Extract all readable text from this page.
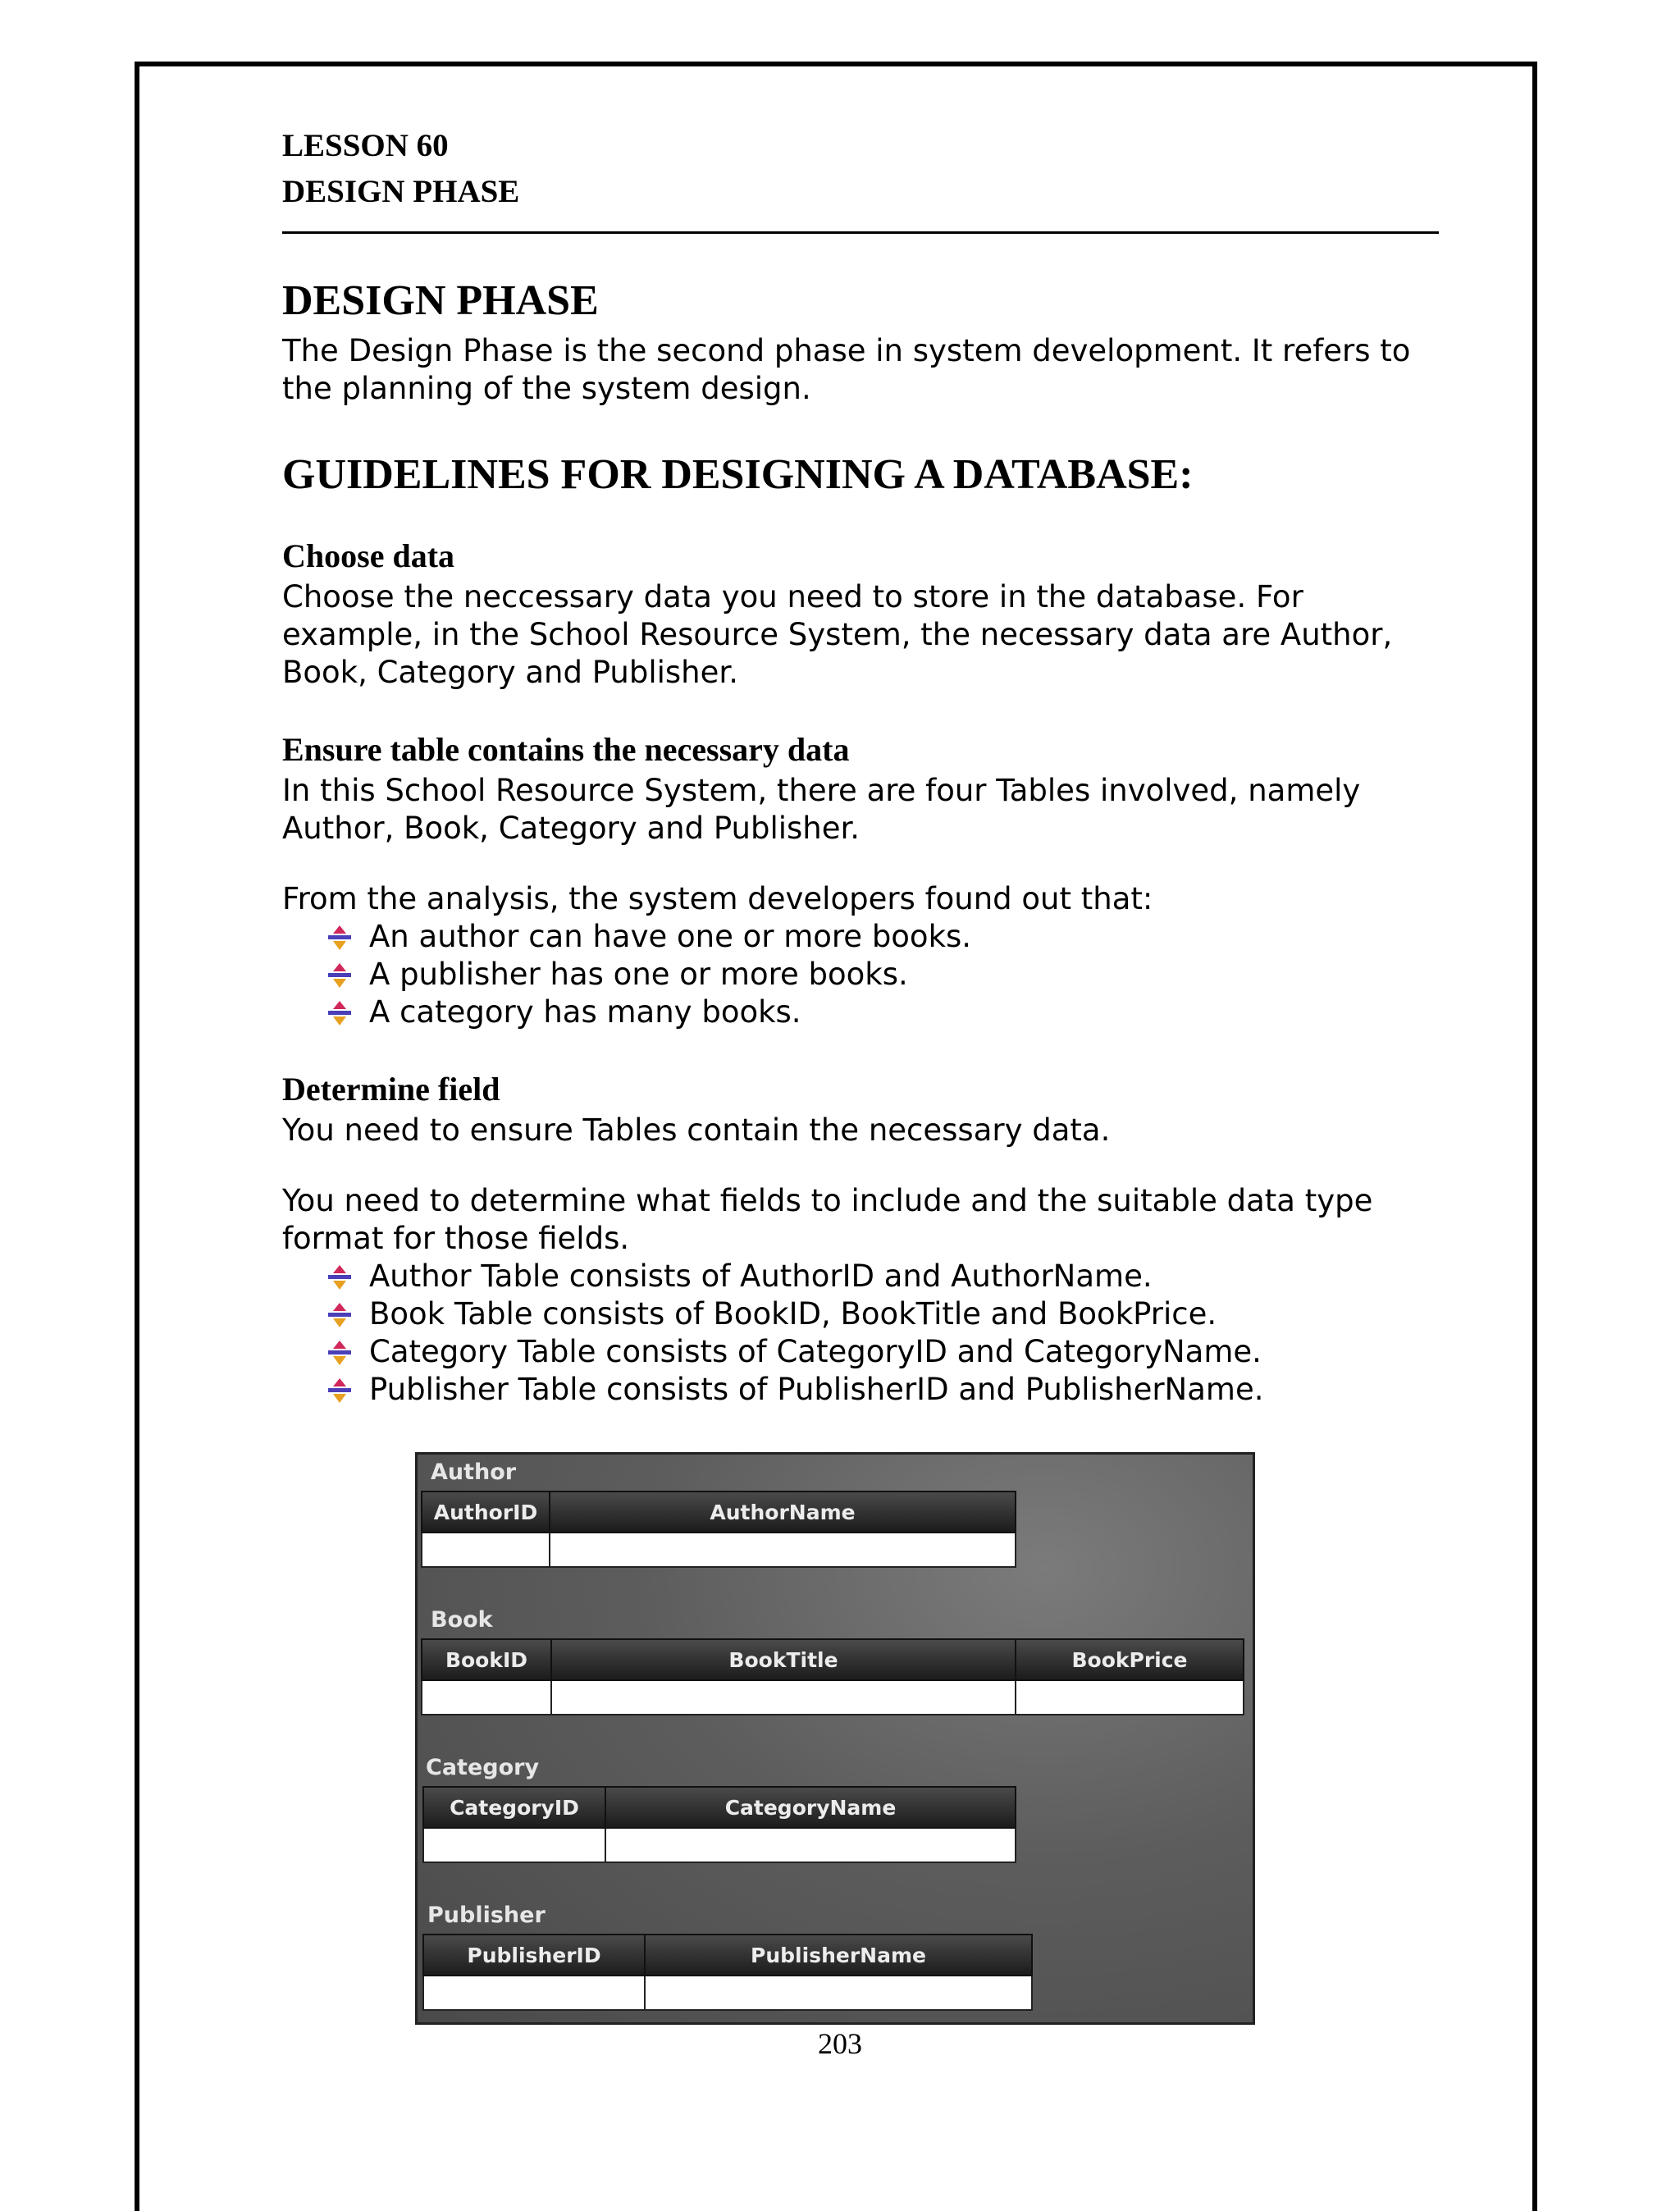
LESSON 60
DESIGN PHASE
DESIGN PHASE

The Design Phase is the second phase in system development. It refers to the planning of the system design.

GUIDELINES FOR DESIGNING A DATABASE:
Choose data

Choose the neccessary data you need to store in the database. For example, in the School Resource System, the necessary data are Author, Book, Category and Publisher.

Ensure table contains the necessary data

In this School Resource System, there are four Tables involved, namely Author, Book, Category and Publisher.

From the analysis, the system developers found out that:

An author can have one or more books.
A publisher has one or more books.
A category has many books.
Determine field

You need to ensure Tables contain the necessary data.

You need to determine what fields to include and the suitable data type format for those fields.

Author Table consists of AuthorID and AuthorName.
Book Table consists of BookID, BookTitle and BookPrice.
Category Table consists of CategoryID and CategoryName.
Publisher Table consists of PublisherID and PublisherName.
Author
AuthorID	AuthorName

Book
BookID	BookTitle	BookPrice

Category
CategoryID	CategoryName

Publisher
PublisherID	PublisherName

203
